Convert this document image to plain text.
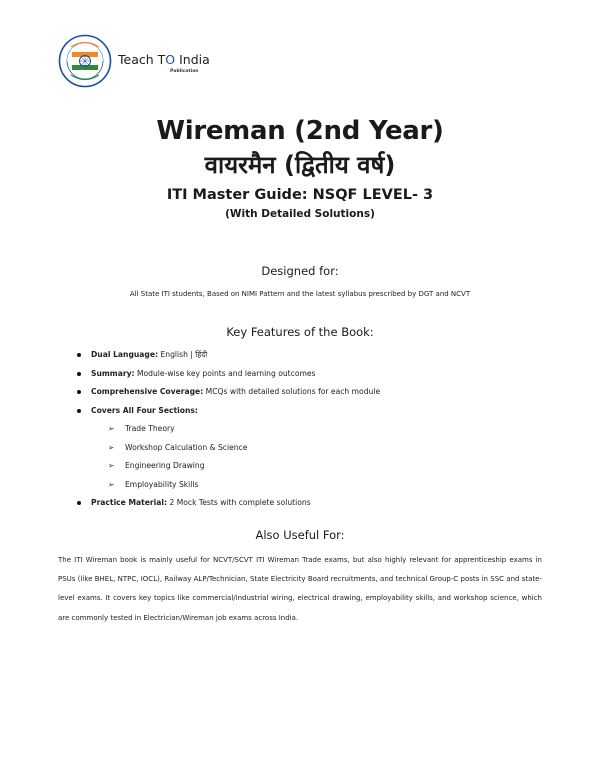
Teach TO India
Publication
Wireman (2nd Year)
वायरमैन (द्वितीय वर्ष)
ITI Master Guide: NSQF LEVEL- 3
(With Detailed Solutions)
Designed for:
All State ITI students, Based on NIMI Pattern and the latest syllabus prescribed by DGT and NCVT
Key Features of the Book:
Dual Language: English | हिंदी
Summary: Module-wise key points and learning outcomes
Comprehensive Coverage: MCQs with detailed solutions for each module
Covers All Four Sections:
➢ Trade Theory
➢ Workshop Calculation & Science
➢ Engineering Drawing
➢ Employability Skills
Practice Material: 2 Mock Tests with complete solutions
Also Useful For:
The ITI Wireman book is mainly useful for NCVT/SCVT ITI Wireman Trade exams, but also highly relevant for apprenticeship exams in PSUs (like BHEL, NTPC, IOCL), Railway ALP/Technician, State Electricity Board recruitments, and technical Group-C posts in SSC and state-level exams. It covers key topics like commercial/industrial wiring, electrical drawing, employability skills, and workshop science, which are commonly tested in Electrician/Wireman job exams across India.
